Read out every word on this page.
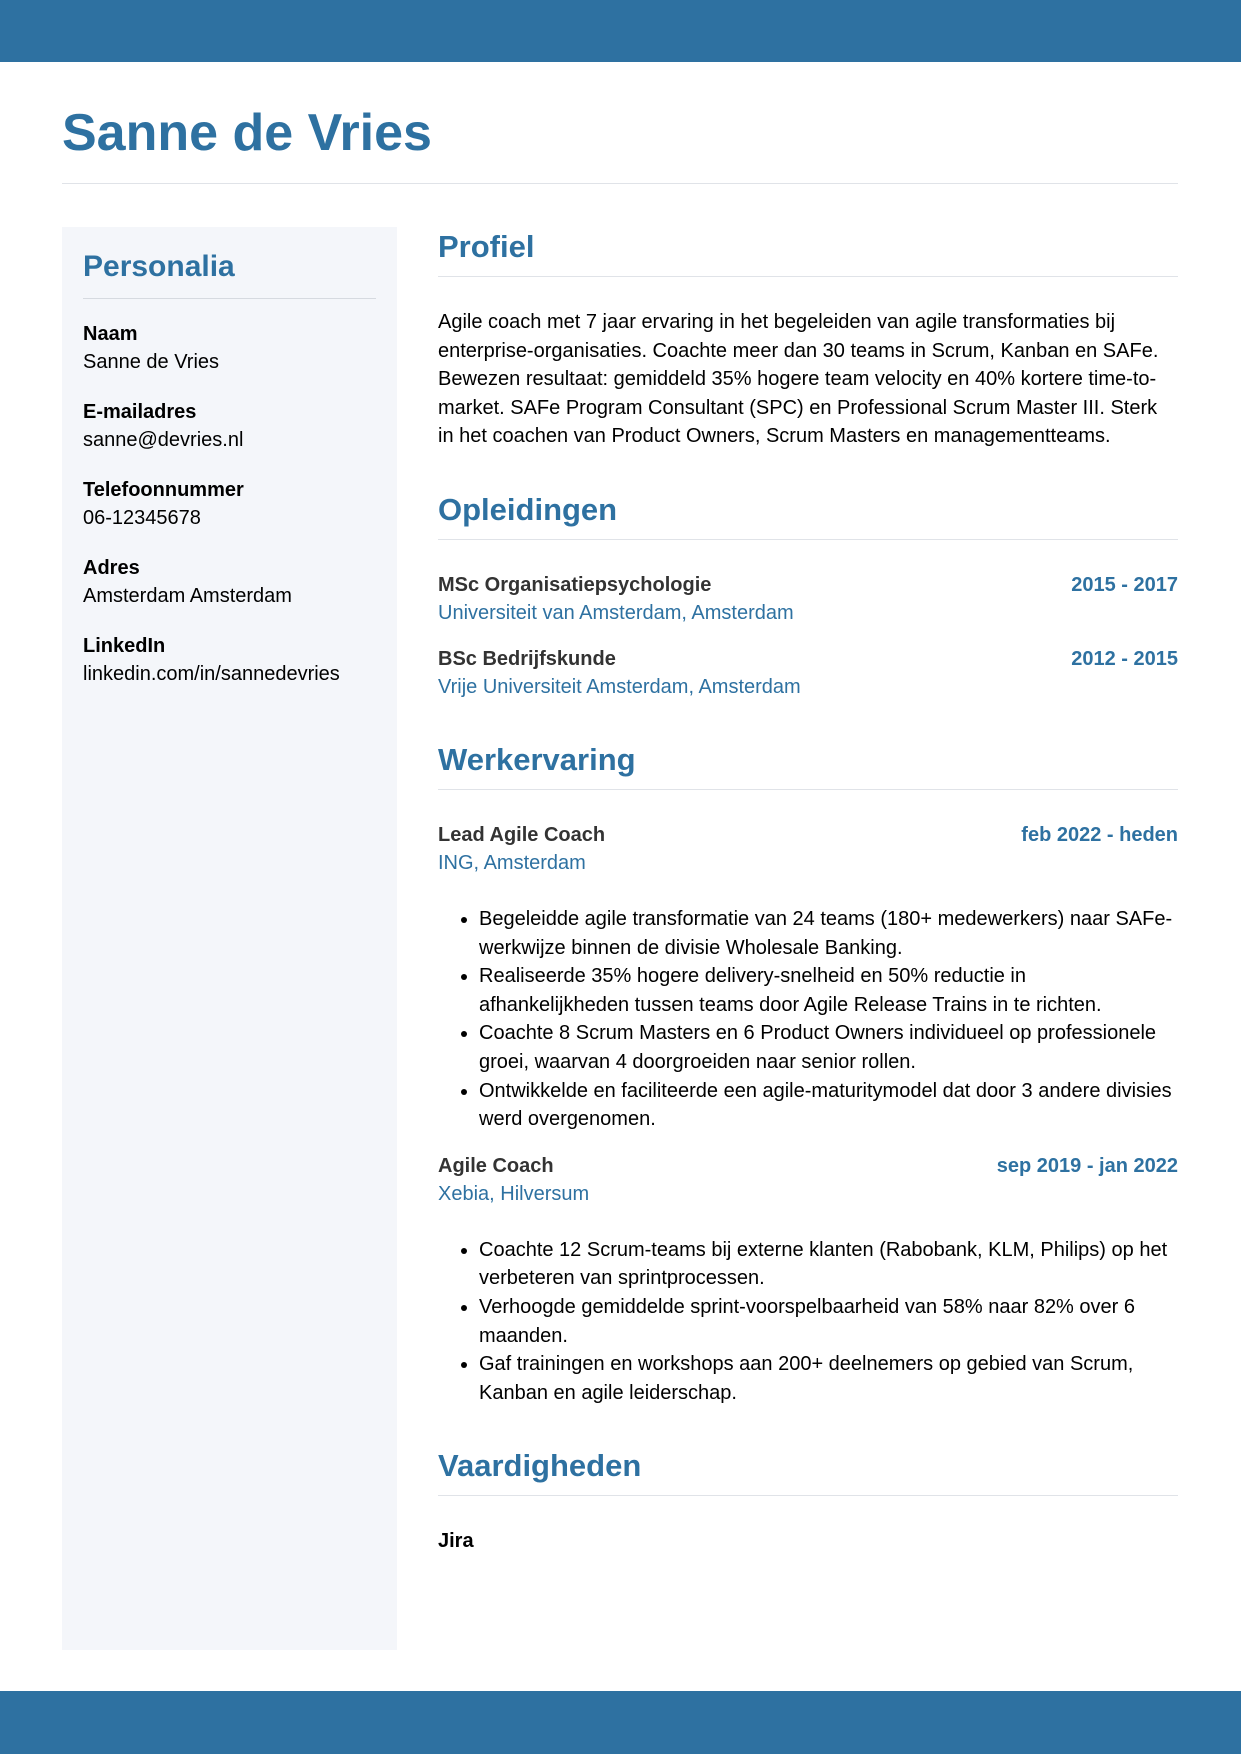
Sanne de Vries
Personalia
Naam
Sanne de Vries
E-mailadres
sanne@devries.nl
Telefoonnummer
06-12345678
Adres
Amsterdam Amsterdam
LinkedIn
linkedin.com/in/sannedevries
Profiel

Agile coach met 7 jaar ervaring in het begeleiden van agile transformaties bij enterprise-organisaties. Coachte meer dan 30 teams in Scrum, Kanban en SAFe. Bewezen resultaat: gemiddeld 35% hogere team velocity en 40% kortere time-to-market. SAFe Program Consultant (SPC) en Professional Scrum Master III. Sterk in het coachen van Product Owners, Scrum Masters en managementteams.

Opleidingen
MSc Organisatiepsychologie	2015 - 2017
Universiteit van Amsterdam, Amsterdam
BSc Bedrijfskunde	2012 - 2015
Vrije Universiteit Amsterdam, Amsterdam
Werkervaring
Lead Agile Coach	feb 2022 - heden
ING, Amsterdam
• Begeleidde agile transformatie van 24 teams (180+ medewerkers) naar SAFe-werkwijze binnen de divisie Wholesale Banking.
• Realiseerde 35% hogere delivery-snelheid en 50% reductie in afhankelijkheden tussen teams door Agile Release Trains in te richten.
• Coachte 8 Scrum Masters en 6 Product Owners individueel op professionele groei, waarvan 4 doorgroeiden naar senior rollen.
• Ontwikkelde en faciliteerde een agile-maturitymodel dat door 3 andere divisies werd overgenomen.
Agile Coach	sep 2019 - jan 2022
Xebia, Hilversum
• Coachte 12 Scrum-teams bij externe klanten (Rabobank, KLM, Philips) op het verbeteren van sprintprocessen.
• Verhoogde gemiddelde sprint-voorspelbaarheid van 58% naar 82% over 6 maanden.
• Gaf trainingen en workshops aan 200+ deelnemers op gebied van Scrum, Kanban en agile leiderschap.
Vaardigheden
Jira
